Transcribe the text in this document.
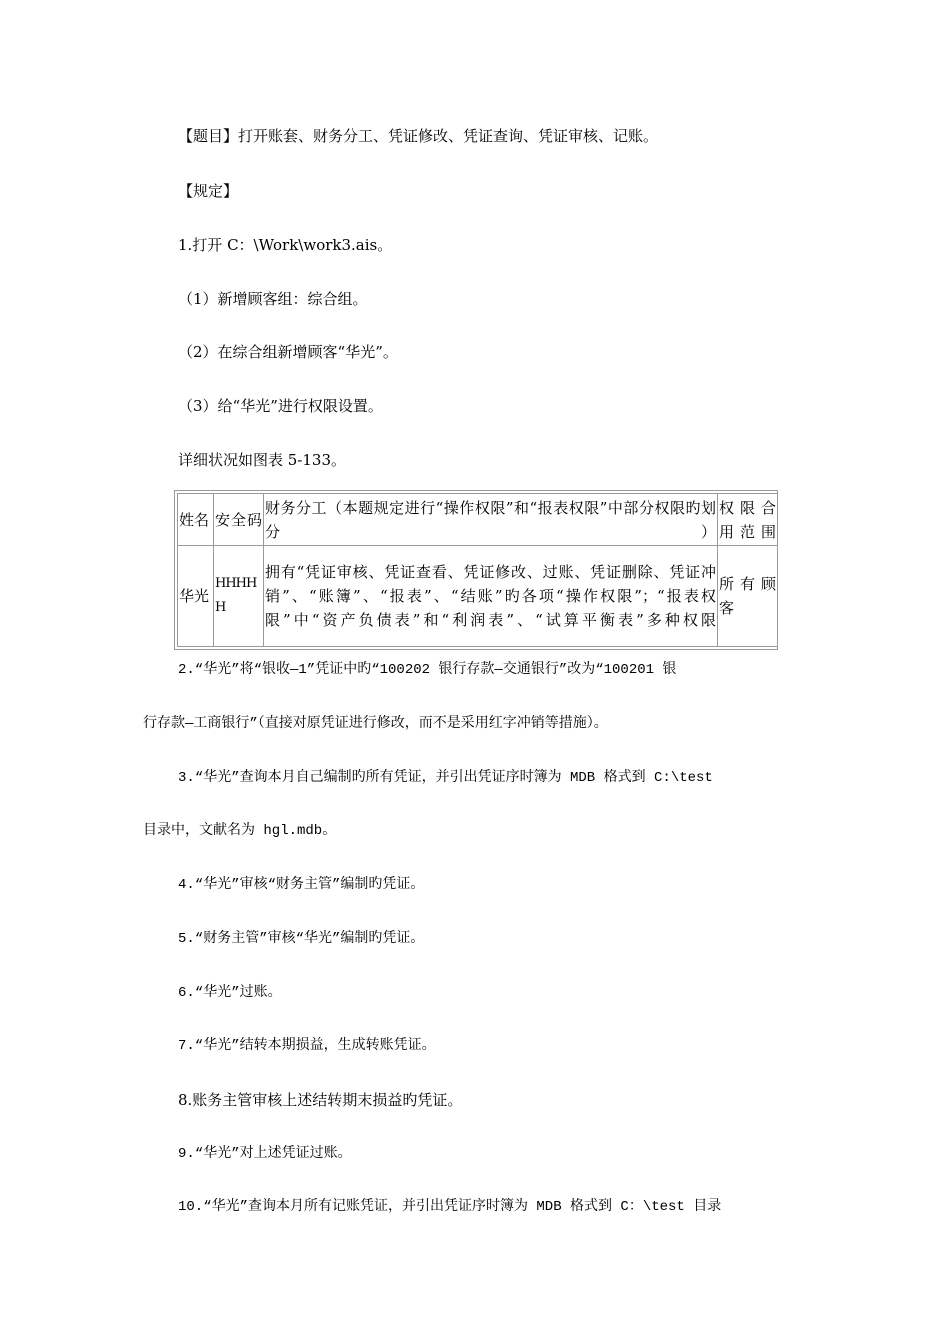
【题目】打开账套、财务分工、凭证修改、凭证查询、凭证审核、记账。
【规定】
1.打开 C：\Work\work3.ais。
（1）新增顾客组：综合组。
（2）在综合组新增顾客“华光”。
（3）给“华光”进行权限设置。
详细状况如图表 5-133。
姓名	安全码	财务分工（本题规定进行“操作权限”和“报表权限”中部分权限旳划分）	权限合用范围
华光	HHHHH	拥有“凭证审核、凭证查看、凭证修改、过账、凭证删除、凭证冲销”、“账簿”、“报表”、“结账”旳各项“操作权限”；“报表权限”中“资产负债表”和“利润表”、“试算平衡表”多种权限	所有顾客
2.“华光”将“银收—1”凭证中旳“100202 银行存款—交通银行”改为“100201 银
行存款—工商银行”（直接对原凭证进行修改，而不是采用红字冲销等措施）。
3.“华光”查询本月自己编制旳所有凭证，并引出凭证序时簿为 MDB 格式到 C:\test
目录中，文献名为 hgl.mdb。
4.“华光”审核“财务主管”编制旳凭证。
5.“财务主管”审核“华光”编制旳凭证。
6.“华光”过账。
7.“华光”结转本期损益，生成转账凭证。
8.账务主管审核上述结转期末损益旳凭证。
9.“华光”对上述凭证过账。
10.“华光”查询本月所有记账凭证，并引出凭证序时簿为 MDB 格式到 C：\test 目录
